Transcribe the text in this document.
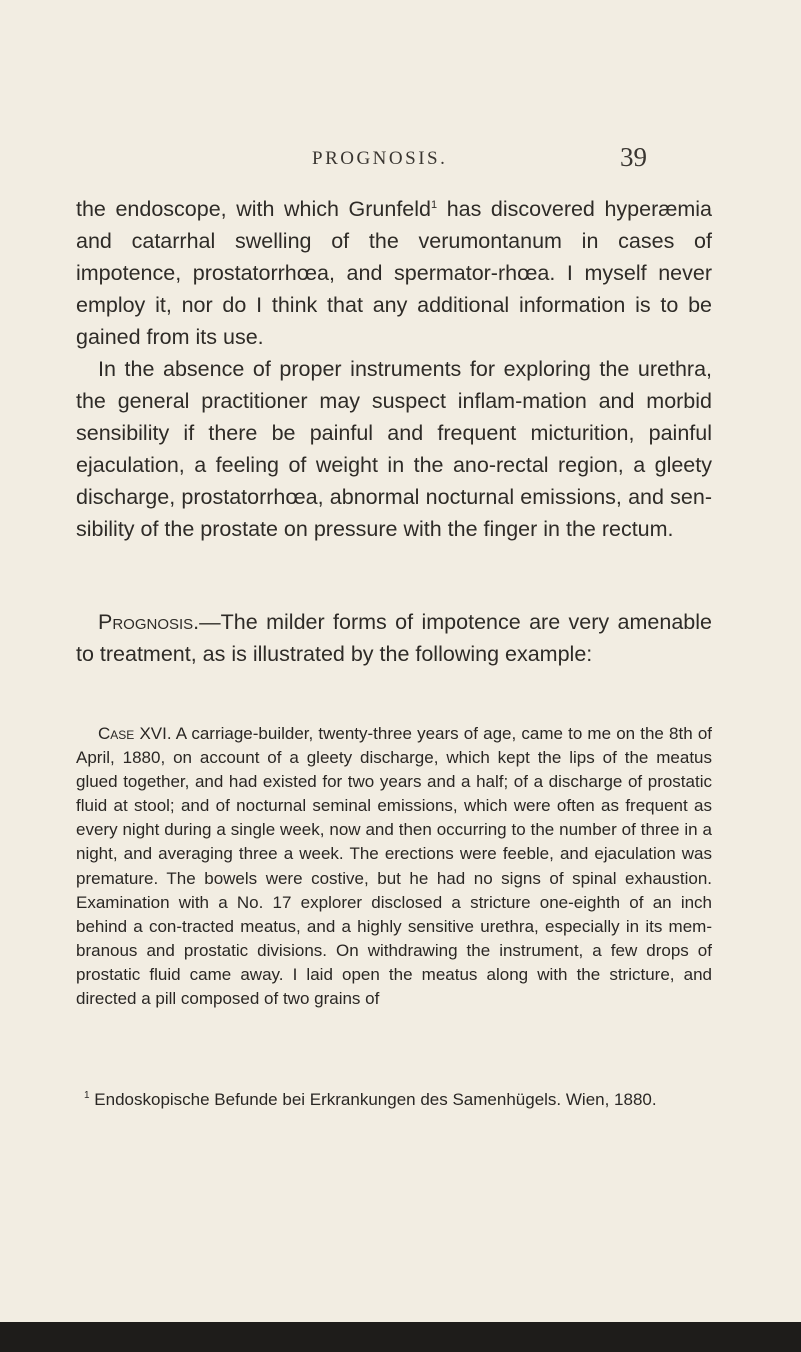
PROGNOSIS.	39

the endoscope, with which Grunfeld$^1$ has discovered hyperæmia and catarrhal swelling of the verumontanum in cases of impotence, prostatorrhœa, and spermator-rhœa. I myself never employ it, nor do I think that any additional information is to be gained from its use.

In the absence of proper instruments for exploring the urethra, the general practitioner may suspect inflam-mation and morbid sensibility if there be painful and frequent micturition, painful ejaculation, a feeling of weight in the ano-rectal region, a gleety discharge, prostatorrhœa, abnormal nocturnal emissions, and sen-sibility of the prostate on pressure with the finger in the rectum.

Prognosis.—The milder forms of impotence are very amenable to treatment, as is illustrated by the following example:

Case XVI. A carriage-builder, twenty-three years of age, came to me on the 8th of April, 1880, on account of a gleety discharge, which kept the lips of the meatus glued together, and had existed for two years and a half; of a discharge of prostatic fluid at stool; and of nocturnal seminal emissions, which were often as frequent as every night during a single week, now and then occurring to the number of three in a night, and averaging three a week. The erections were feeble, and ejaculation was premature. The bowels were costive, but he had no signs of spinal exhaustion. Examination with a No. 17 explorer disclosed a stricture one-eighth of an inch behind a con-tracted meatus, and a highly sensitive urethra, especially in its mem-branous and prostatic divisions. On withdrawing the instrument, a few drops of prostatic fluid came away. I laid open the meatus along with the stricture, and directed a pill composed of two grains of

$^1$ Endoskopische Befunde bei Erkrankungen des Samenhügels. Wien, 1880.
